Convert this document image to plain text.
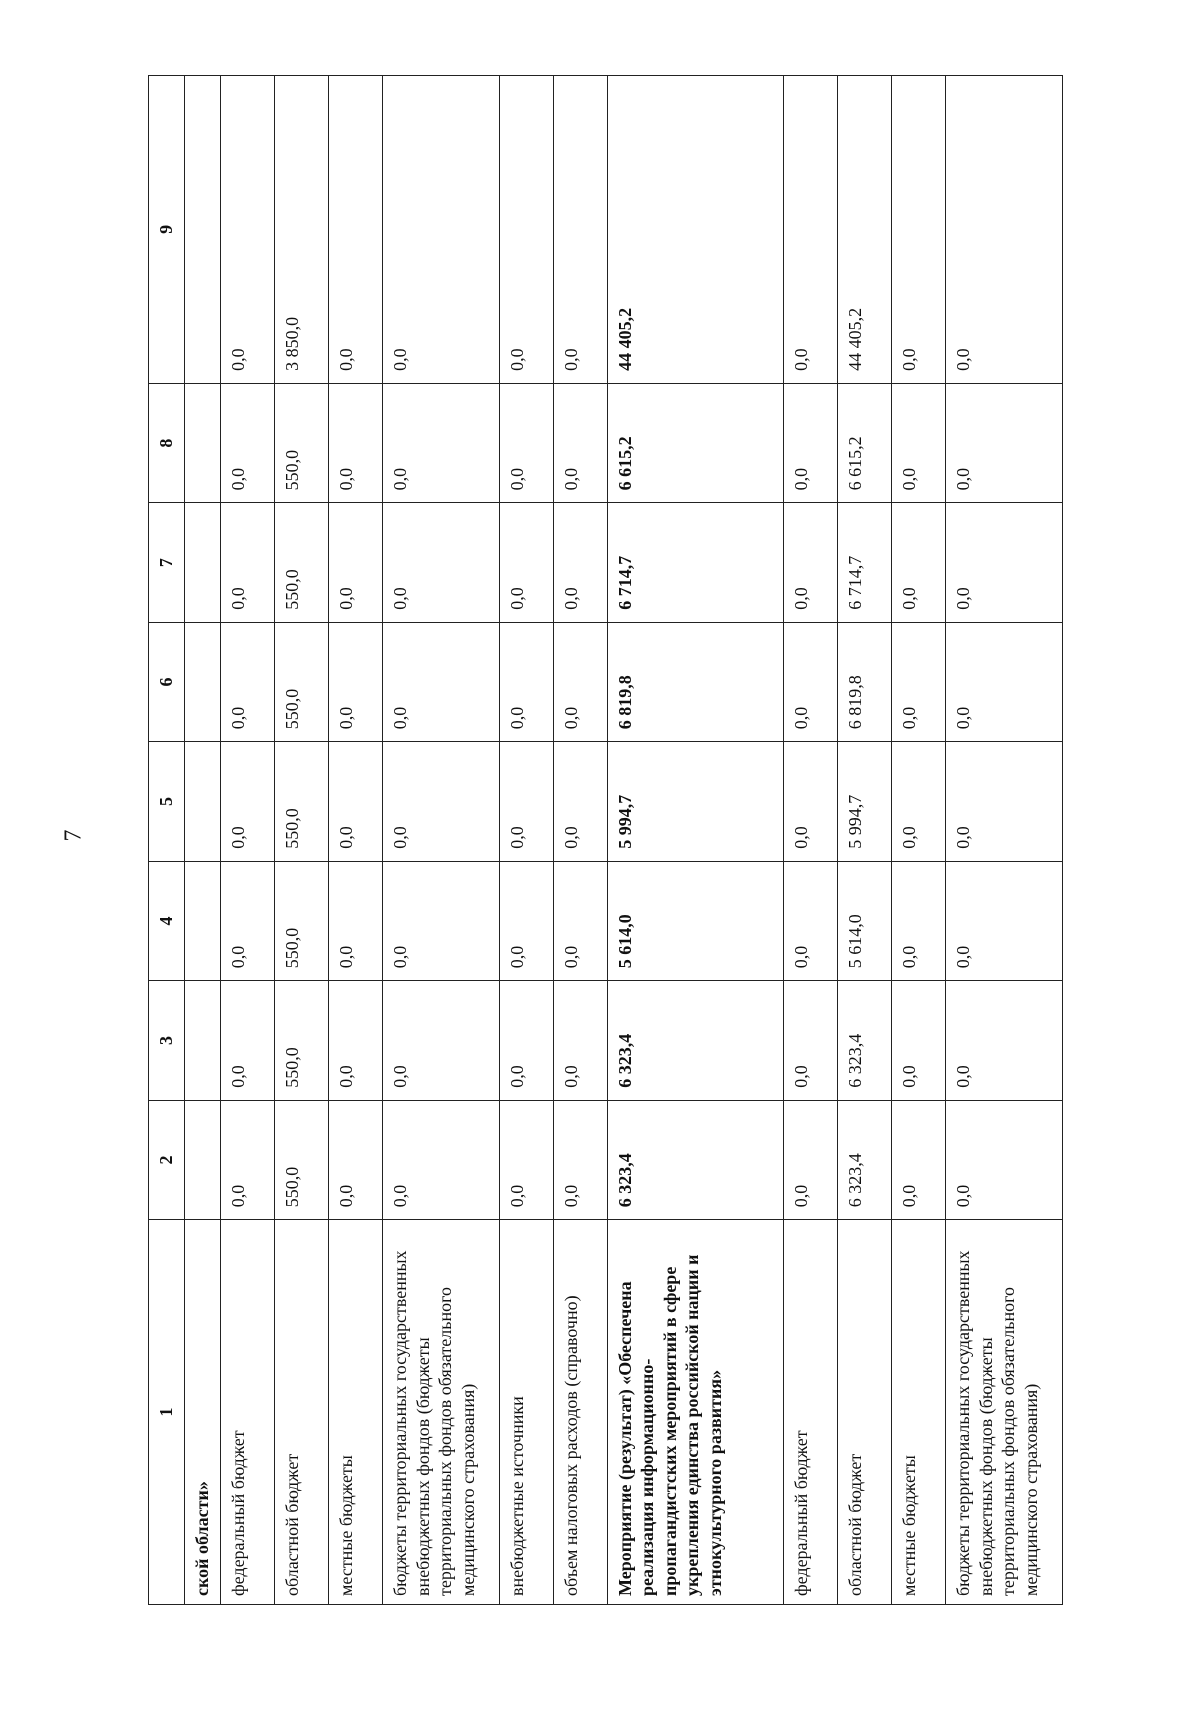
7
1	2	3	4	5	6	7	8	9
ской области»								
федеральный бюджет	0,0	0,0	0,0	0,0	0,0	0,0	0,0	0,0
областной бюджет	550,0	550,0	550,0	550,0	550,0	550,0	550,0	3 850,0
местные бюджеты	0,0	0,0	0,0	0,0	0,0	0,0	0,0	0,0
бюджеты территориальных государственных внебюджетных фондов (бюджеты территориальных фондов обязательного медицинского страхования)	0,0	0,0	0,0	0,0	0,0	0,0	0,0	0,0
внебюджетные источники	0,0	0,0	0,0	0,0	0,0	0,0	0,0	0,0
объем налоговых расходов (справочно)	0,0	0,0	0,0	0,0	0,0	0,0	0,0	0,0
Мероприятие (результат) «Обеспечена реализация информационно-пропагандистских мероприятий в сфере укрепления единства российской нации и этнокультурного развития»	6 323,4	6 323,4	5 614,0	5 994,7	6 819,8	6 714,7	6 615,2	44 405,2
федеральный бюджет	0,0	0,0	0,0	0,0	0,0	0,0	0,0	0,0
областной бюджет	6 323,4	6 323,4	5 614,0	5 994,7	6 819,8	6 714,7	6 615,2	44 405,2
местные бюджеты	0,0	0,0	0,0	0,0	0,0	0,0	0,0	0,0
бюджеты территориальных государственных внебюджетных фондов (бюджеты территориальных фондов обязательного медицинского страхования)	0,0	0,0	0,0	0,0	0,0	0,0	0,0	0,0
